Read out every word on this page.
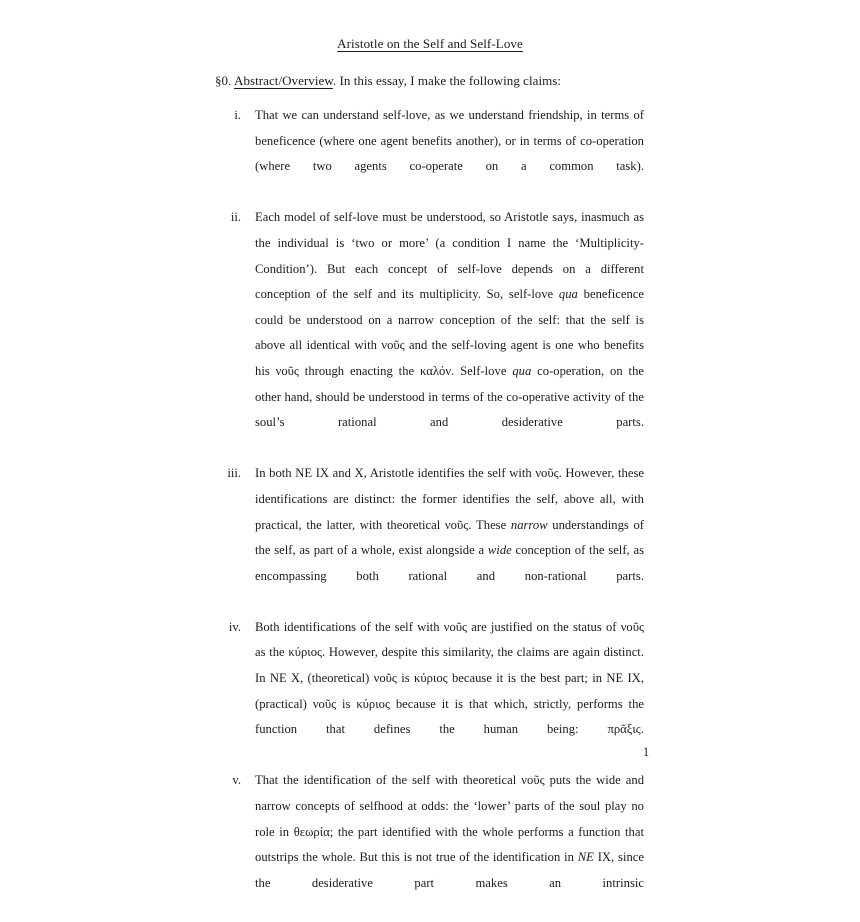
Aristotle on the Self and Self-Love

§0. Abstract/Overview. In this essay, I make the following claims:

i. That we can understand self-love, as we understand friendship, in terms of beneficence (where one agent benefits another), or in terms of co-operation (where two agents co-operate on a common task).
ii. Each model of self-love must be understood, so Aristotle says, inasmuch as the individual is ‘two or more’ (a condition I name the ‘Multiplicity-Condition’). But each concept of self-love depends on a different conception of the self and its multiplicity. So, self-love qua beneficence could be understood on a narrow conception of the self: that the self is above all identical with νοῦς and the self-loving agent is one who benefits his νοῦς through enacting the καλόν. Self-love qua co-operation, on the other hand, should be understood in terms of the co-operative activity of the soul’s rational and desiderative parts.
iii. In both NE IX and X, Aristotle identifies the self with νοῦς. However, these identifications are distinct: the former identifies the self, above all, with practical, the latter, with theoretical νοῦς. These narrow understandings of the self, as part of a whole, exist alongside a wide conception of the self, as encompassing both rational and non-rational parts.
iv. Both identifications of the self with νοῦς are justified on the status of νοῦς as the κύριος. However, despite this similarity, the claims are again distinct. In NE X, (theoretical) νοῦς is κύριος because it is the best part; in NE IX, (practical) νοῦς is κύριος because it is that which, strictly, performs the function that defines the human being: πρᾶξις.
v. That the identification of the self with theoretical νοῦς puts the wide and narrow concepts of selfhood at odds: the ‘lower’ parts of the soul play no role in θεωρία; the part identified with the whole performs a function that outstrips the whole. But this is not true of the identification in NE IX, since the desiderative part makes an intrinsic
1
